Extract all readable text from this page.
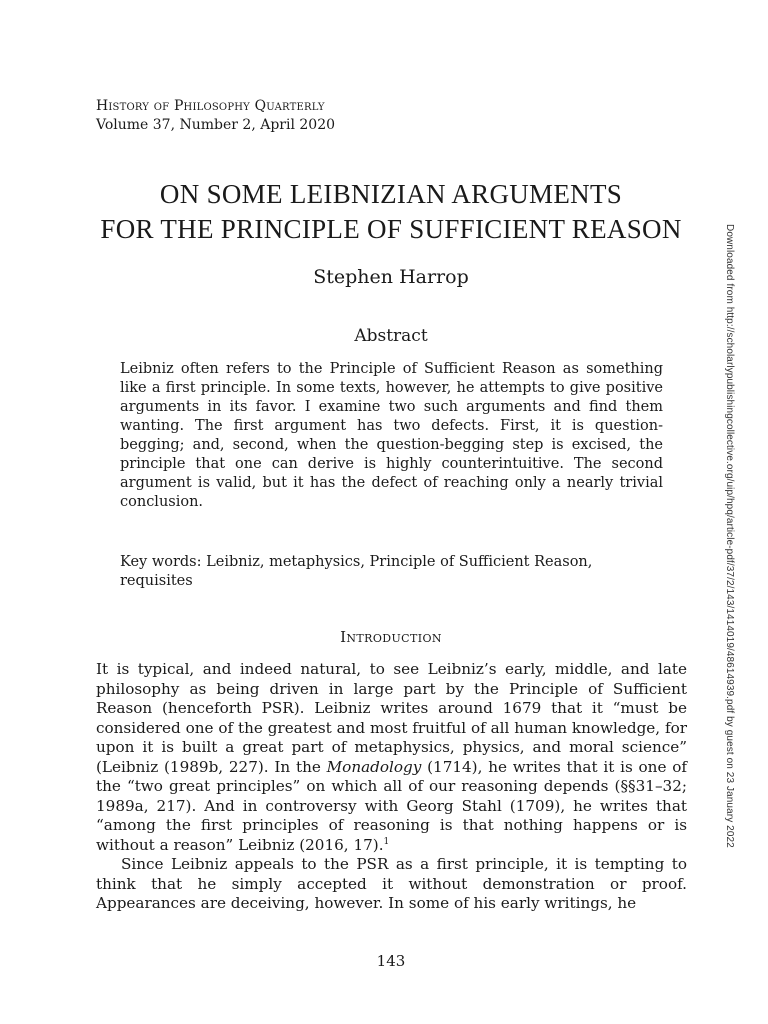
History of Philosophy Quarterly
Volume 37, Number 2, April 2020
ON SOME LEIBNIZIAN ARGUMENTS
FOR THE PRINCIPLE OF SUFFICIENT REASON
Stephen Harrop
Abstract
Leibniz often refers to the Principle of Sufficient Reason as something like a first principle. In some texts, however, he attempts to give positive arguments in its favor. I examine two such arguments and find them wanting. The first argument has two defects. First, it is question-begging; and, second, when the question-begging step is excised, the principle that one can derive is highly counterintuitive. The second argument is valid, but it has the defect of reaching only a nearly trivial conclusion.
Key words: Leibniz, metaphysics, Principle of Sufficient Reason, requisites
Introduction

It is typical, and indeed natural, to see Leibniz’s early, middle, and late philosophy as being driven in large part by the Principle of Sufficient Reason (henceforth PSR). Leibniz writes around 1679 that it “must be considered one of the greatest and most fruitful of all human knowledge, for upon it is built a great part of metaphysics, physics, and moral science” (Leibniz (1989b, 227). In the Monadology (1714), he writes that it is one of the “two great principles” on which all of our reasoning depends (§§31–32; 1989a, 217). And in controversy with Georg Stahl (1709), he writes that “among the first principles of reasoning is that nothing happens or is without a reason” Leibniz (2016, 17).$^1$

Since Leibniz appeals to the PSR as a first principle, it is tempting to think that he simply accepted it without demonstration or proof. Appearances are deceiving, however. In some of his early writings, he

143
Downloaded from http://scholarlypublishingcollective.org/uip/hpq/article-pdf/37/2/143/1414019/48614939.pdf by guest on 23 January 2022
